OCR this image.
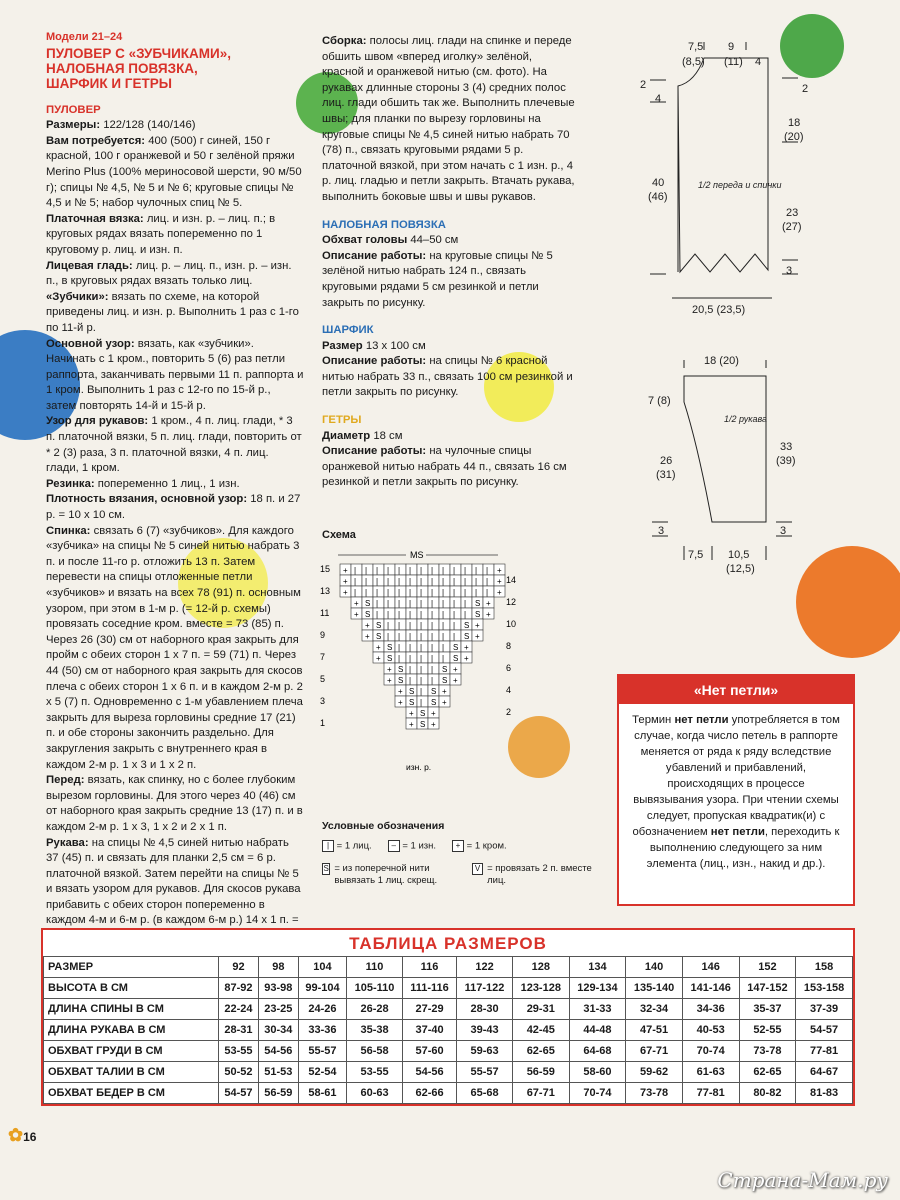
Модели 21–24

ПУЛОВЕР С «ЗУБЧИКАМИ»,

НАЛОБНАЯ ПОВЯЗКА,

ШАРФИК И ГЕТРЫ

ПУЛОВЕР

Размеры: 122/128 (140/146)

Вам потребуется: 400 (500) г синей, 150 г красной, 100 г оранжевой и 50 г зелёной пряжи Merino Plus (100% мериносовой шерсти, 90 м/50 г); спицы № 4,5, № 5 и № 6; круговые спицы № 4,5 и № 5; набор чулочных спиц № 5.

Платочная вязка: лиц. и изн. р. – лиц. п.; в круговых рядах вязать попеременно по 1 круговому р. лиц. и изн. п.

Лицевая гладь: лиц. р. – лиц. п., изн. р. – изн. п., в круговых рядах вязать только лиц.

«Зубчики»: вязать по схеме, на которой приведены лиц. и изн. р. Выполнить 1 раз с 1-го по 11-й р.

Основной узор: вязать, как «зубчики». Начинать с 1 кром., повторить 5 (6) раз петли раппорта, заканчивать первыми 11 п. раппорта и 1 кром. Выполнить 1 раз с 12-го по 15-й р., затем повторять 14-й и 15-й р.

Узор для рукавов: 1 кром., 4 п. лиц. глади, * 3 п. платочной вязки, 5 п. лиц. глади, повторить от * 2 (3) раза, 3 п. платочной вязки, 4 п. лиц. глади, 1 кром.

Резинка: попеременно 1 лиц., 1 изн.

Плотность вязания, основной узор: 18 п. и 27 р. = 10 х 10 см.

Спинка: связать 6 (7) «зубчиков». Для каждого «зубчика» на спицы № 5 синей нитью набрать 3 п. и после 11-го р. отложить 13 п. Затем перевести на спицы отложенные петли «зубчиков» и вязать на всех 78 (91) п. основным узором, при этом в 1-м р. (= 12-й р. схемы) провязать соседние кром. вместе = 73 (85) п. Через 26 (30) см от наборного края закрыть для пройм с обеих сторон 1 х 7 п. = 59 (71) п. Через 44 (50) см от наборного края закрыть для скосов плеча с обеих сторон 1 х 6 п. и в каждом 2-м р. 2 х 5 (7) п. Одновременно с 1-м убавлением плеча закрыть для выреза горловины средние 17 (21) п. и обе стороны закончить раздельно. Для закругления закрыть с внутреннего края в каждом 2-м р. 1 х 3 и 1 х 2 п.

Перед: вязать, как спинку, но с более глубоким вырезом горловины. Для этого через 40 (46) см от наборного края закрыть средние 13 (17) п. и в каждом 2-м р. 1 х 3, 1 х 2 и 2 х 1 п.

Рукава: на спицы № 4,5 синей нитью набрать 37 (45) п. и связать для планки 2,5 см = 6 р. платочной вязкой. Затем перейти на спицы № 5 и вязать узором для рукавов. Для скосов рукава прибавить с обеих сторон попеременно в каждом 4-м и 6-м р. (в каждом 6-м р.) 14 х 1 п. =

Сборка: полосы лиц. глади на спинке и переде обшить швом «вперед иголку» зелёной, красной и оранжевой нитью (см. фото). На рукавах длинные стороны 3 (4) средних полос лиц. глади обшить так же. Выполнить плечевые швы; для планки по вырезу горловины на круговые спицы № 4,5 синей нитью набрать 70 (78) п., связать круговыми рядами 5 р. платочной вязкой, при этом начать с 1 изн. р., 4 р. лиц. гладью и петли закрыть. Втачать рукава, выполнить боковые швы и швы рукавов.

НАЛОБНАЯ ПОВЯЗКА

Обхват головы 44–50 см

Описание работы: на круговые спицы № 5 зелёной нитью набрать 124 п., связать круговыми рядами 5 см резинкой и петли закрыть по рисунку.

ШАРФИК

Размер 13 х 100 см

Описание работы: на спицы № 6 красной нитью набрать 33 п., связать 100 см резинкой и петли закрыть по рисунку.

ГЕТРЫ

Диаметр 18 см

Описание работы: на чулочные спицы оранжевой нитью набрать 44 п., связать 16 см резинкой и петли закрыть по рисунку.

Схема
MS
+ | | | | | | | | | | | | | +
+ | | | | | | | | | | | | | +
+ | | | | | | | | | | | | | +
+ S | | | | | | | | | S +
+ S | | | | | | | | | S +
+ S | | | | | | | S +
+ S | | | | | | | S +
+ S | | | | | S +
+ S | | | | | S +
+ S | | | S +
+ S | | | S +
+ S | S +
+ S | S +
+ S +
+ S +
15
13
11
9
7
5
3
1
14
12
10
8
6
4
2
изн. р.
Условные обозначения
| = 1 лиц.	– = 1 изн.	+ = 1 кром.
S = из поперечной нити вывязать 1 лиц. скрещ.
V = провязать 2 п. вместе лиц.
7,5
(8,5)
9
(11) 4
2
4
2
18
(20)
40
(46)
23
(27)
3
20,5 (23,5)
1/2 переда и спинки
18 (20)
7 (8)
26
(31)
33
(39)
3	3
7,5 10,5
(12,5)
1/2 рукава
«Нет петли»
Термин нет петли употребляется в том случае, когда число петель в раппорте меняется от ряда к ряду вследствие убавлений и прибавлений, происходящих в процессе вывязывания узора. При чтении схемы следует, пропуская квадратик(и) с обозначением нет петли, переходить к выполнению следующего за ним элемента (лиц., изн., накид и др.).
ТАБЛИЦА РАЗМЕРОВ
РАЗМЕР	92	98	104	110	116	122	128	134	140	146	152	158
ВЫСОТА В СМ	87-92	93-98	99-104	105-110	111-116	117-122	123-128	129-134	135-140	141-146	147-152	153-158
ДЛИНА СПИНЫ В СМ	22-24	23-25	24-26	26-28	27-29	28-30	29-31	31-33	32-34	34-36	35-37	37-39
ДЛИНА РУКАВА В СМ	28-31	30-34	33-36	35-38	37-40	39-43	42-45	44-48	47-51	40-53	52-55	54-57
ОБХВАТ ГРУДИ В СМ	53-55	54-56	55-57	56-58	57-60	59-63	62-65	64-68	67-71	70-74	73-78	77-81
ОБХВАТ ТАЛИИ В СМ	50-52	51-53	52-54	53-55	54-56	55-57	56-59	58-60	59-62	61-63	62-65	64-67
ОБХВАТ БЕДЕР В СМ	54-57	56-59	58-61	60-63	62-66	65-68	67-71	70-74	73-78	77-81	80-82	81-83
✿16
Страна-Мам.ру
